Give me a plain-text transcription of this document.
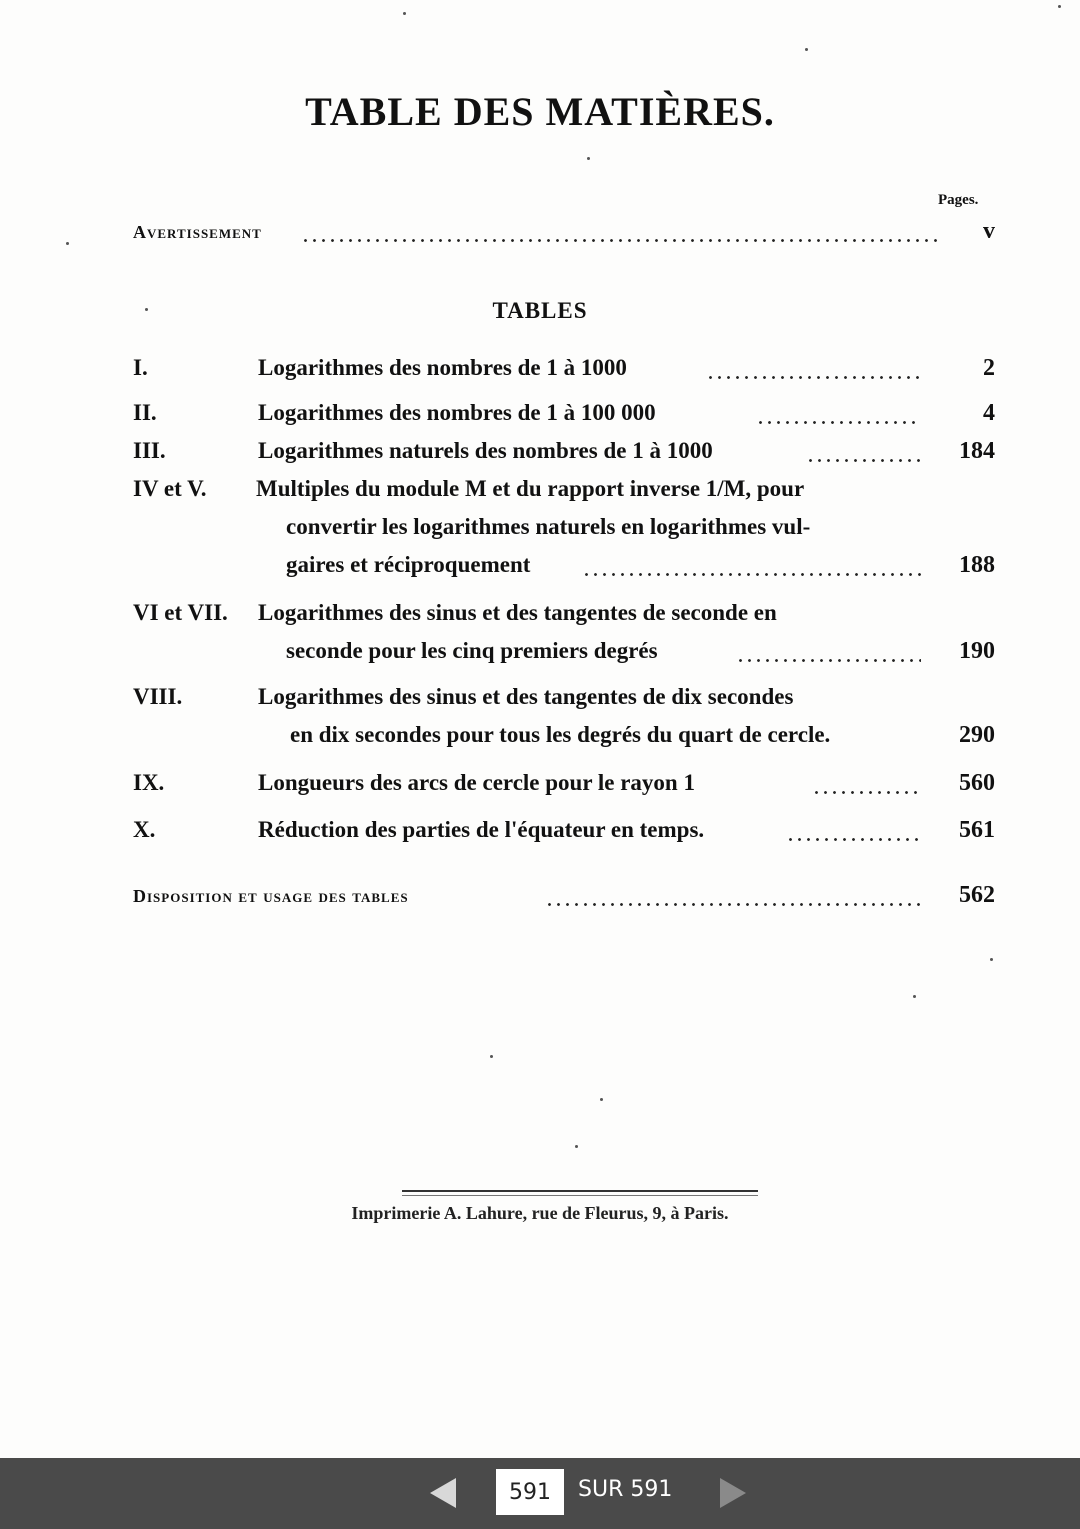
TABLE DES MATIÈRES.
Pages.
Avertissement	v
TABLES
I.	Logarithmes des nombres de 1 à 1000	2
II.	Logarithmes des nombres de 1 à 100 000	4
III.	Logarithmes naturels des nombres de 1 à 1000	184
IV et V. Multiples du module M et du rapport inverse 1/M, pour
convertir les logarithmes naturels en logarithmes vul-
gaires et réciproquement	188
VI et VII. Logarithmes des sinus et des tangentes de seconde en
seconde pour les cinq premiers degrés	190
VIII.	Logarithmes des sinus et des tangentes de dix secondes
en dix secondes pour tous les degrés du quart de cercle.	290
IX.	Longueurs des arcs de cercle pour le rayon 1	560
X.	Réduction des parties de l'équateur en temps.	561
Disposition et usage des tables	562
Imprimerie A. Lahure, rue de Fleurus, 9, à Paris.
591
SUR 591
